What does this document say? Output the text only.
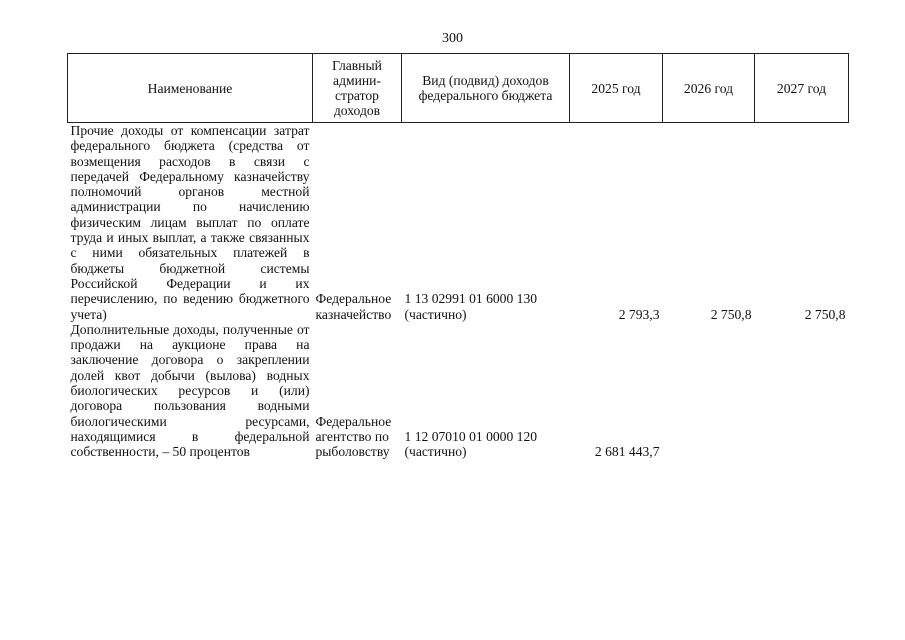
300
Наименование	Главный админи-стратор доходов	Вид (подвид) доходов федерального бюджета	2025 год	2026 год	2027 год
Прочие доходы от компенсации затрат федерального бюджета (средства от возмещения расходов в связи с передачей Федеральному казначейству полномочий органов местной администрации по начислению физическим лицам выплат по оплате труда и иных выплат, а также связанных с ними обязательных платежей в бюджеты бюджетной системы Российской Федерации и их перечислению, по ведению бюджетного учета)	Федеральное казначейство	1 13 02991 01 6000 130 (частично)	2 793,3	2 750,8	2 750,8
Дополнительные доходы, полученные от продажи на аукционе права на заключение договора о закреплении долей квот добычи (вылова) водных биологических ресурсов и (или) договора пользования водными биологическими ресурсами, находящимися в федеральной собственности, – 50 процентов	Федеральное агентство по рыболовству	1 12 07010 01 0000 120 (частично)	2 681 443,7		
